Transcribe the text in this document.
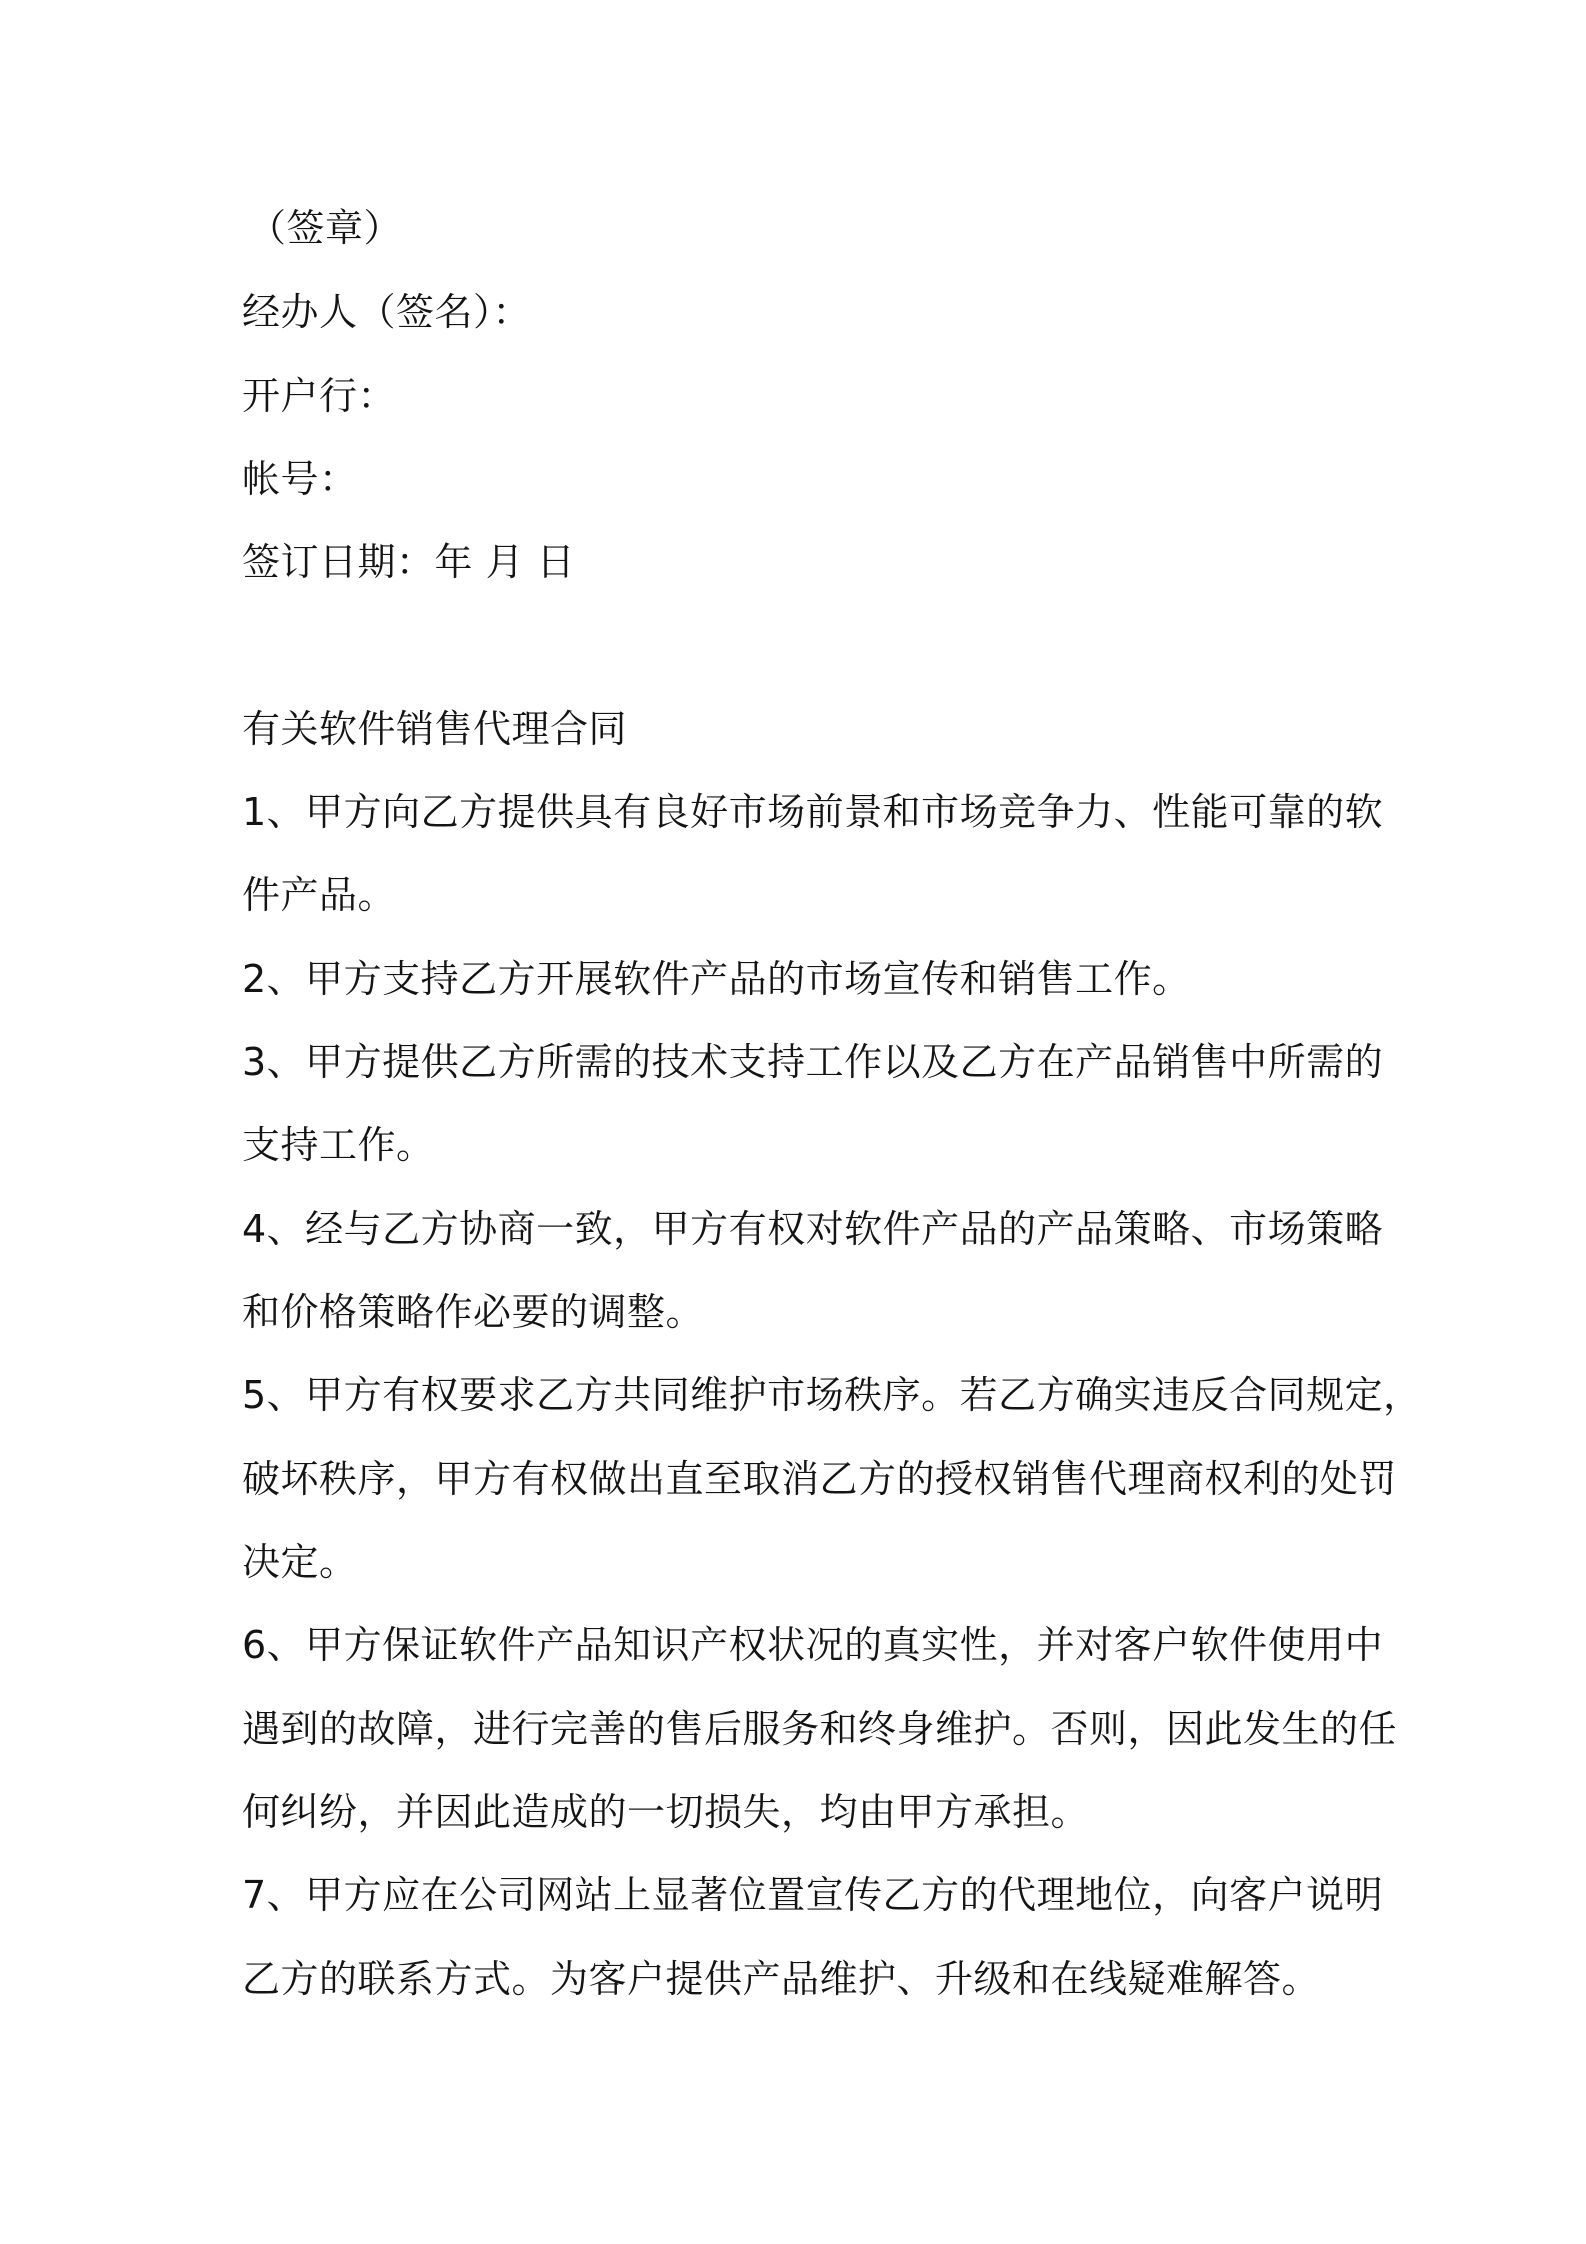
（签章）
经办人（签名）：
开户行：
帐号：
签订日期：年 月 日
有关软件销售代理合同
1、甲方向乙方提供具有良好市场前景和市场竞争力、性能可靠的软
件产品。
2、甲方支持乙方开展软件产品的市场宣传和销售工作。
3、甲方提供乙方所需的技术支持工作以及乙方在产品销售中所需的
支持工作。
4、经与乙方协商一致，甲方有权对软件产品的产品策略、市场策略
和价格策略作必要的调整。
5、甲方有权要求乙方共同维护市场秩序。若乙方确实违反合同规定，
破坏秩序，甲方有权做出直至取消乙方的授权销售代理商权利的处罚
决定。
6、甲方保证软件产品知识产权状况的真实性，并对客户软件使用中
遇到的故障，进行完善的售后服务和终身维护。否则，因此发生的任
何纠纷，并因此造成的一切损失，均由甲方承担。
7、甲方应在公司网站上显著位置宣传乙方的代理地位，向客户说明
乙方的联系方式。为客户提供产品维护、升级和在线疑难解答。
